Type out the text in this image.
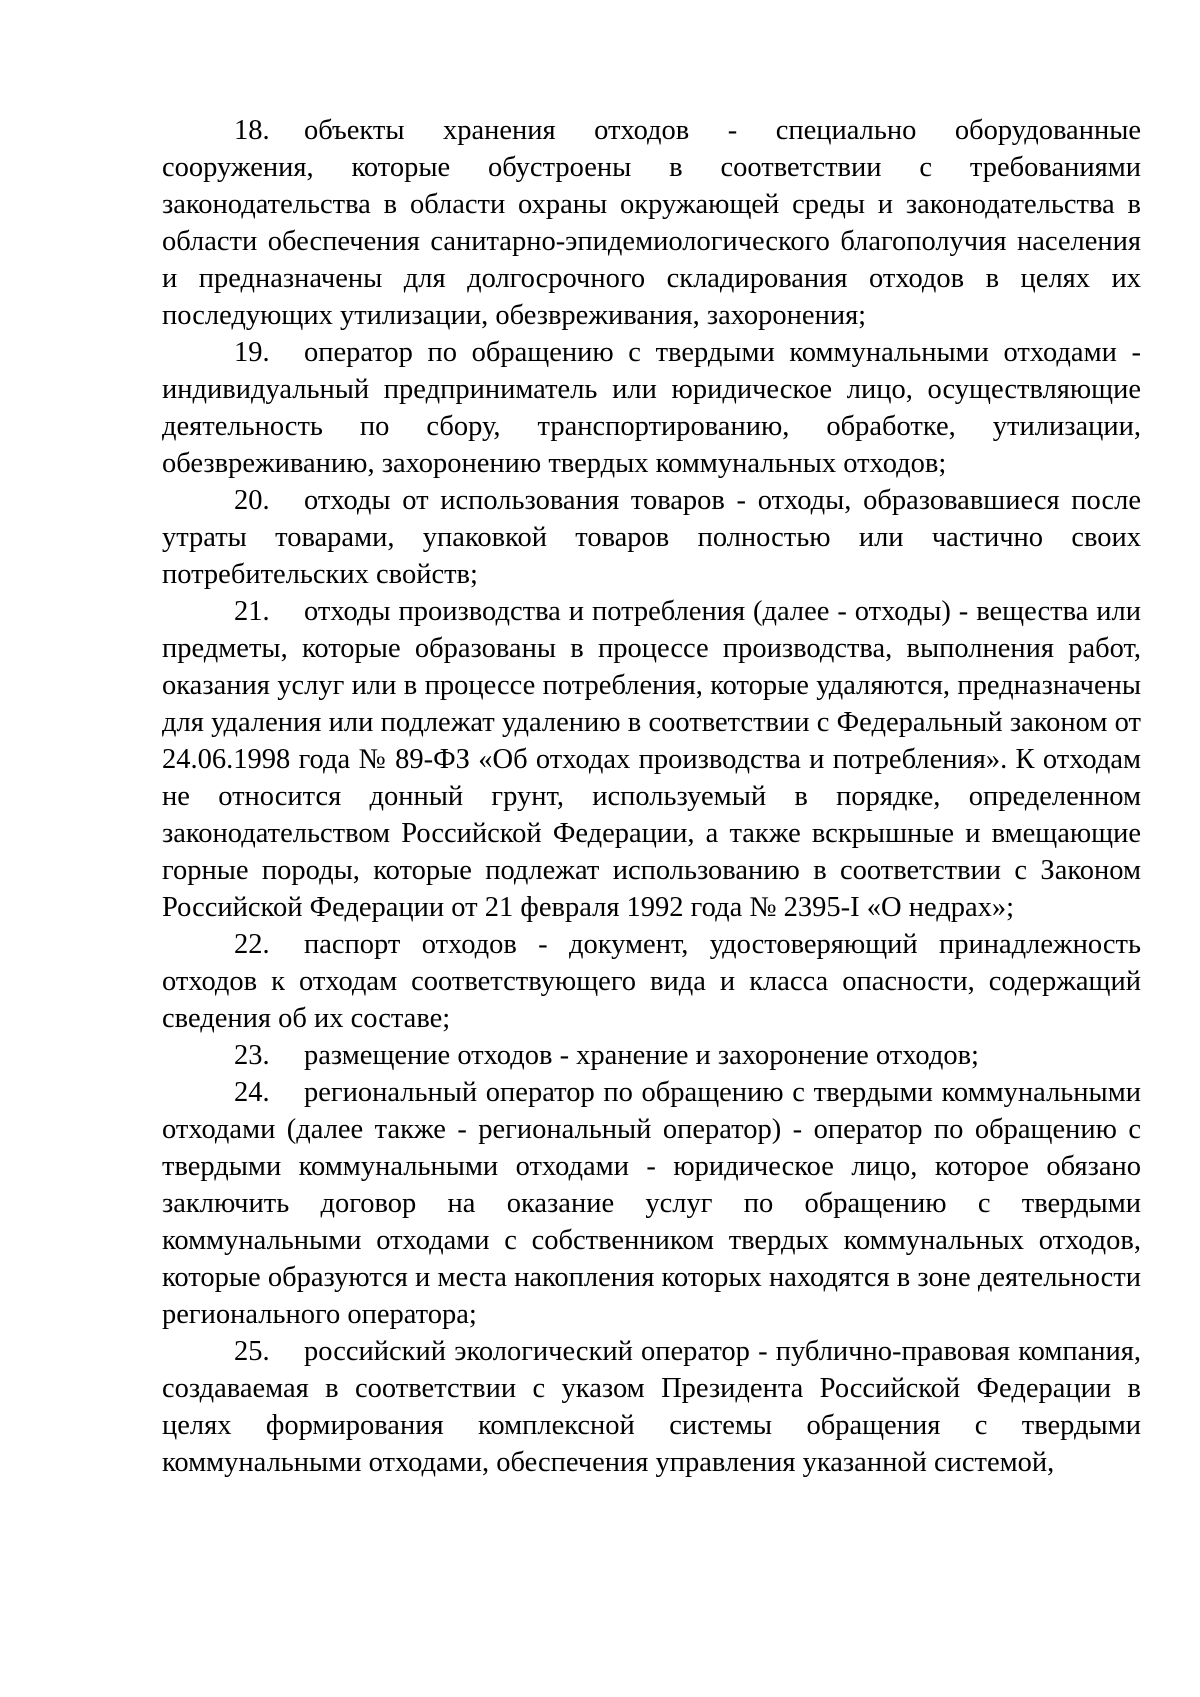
18. объекты хранения отходов - специально оборудованные сооружения, которые обустроены в соответствии с требованиями законодательства в области охраны окружающей среды и законодательства в области обеспечения санитарно-эпидемиологического благополучия населения и предназначены для долгосрочного складирования отходов в целях их последующих утилизации, обезвреживания, захоронения;

19. оператор по обращению с твердыми коммунальными отходами - индивидуальный предприниматель или юридическое лицо, осуществляющие деятельность по сбору, транспортированию, обработке, утилизации, обезвреживанию, захоронению твердых коммунальных отходов;

20. отходы от использования товаров - отходы, образовавшиеся после утраты товарами, упаковкой товаров полностью или частично своих потребительских свойств;

21. отходы производства и потребления (далее - отходы) - вещества или предметы, которые образованы в процессе производства, выполнения работ, оказания услуг или в процессе потребления, которые удаляются, предназначены для удаления или подлежат удалению в соответствии с Федеральный законом от 24.06.1998 года № 89-ФЗ «Об отходах производства и потребления». К отходам не относится донный грунт, используемый в порядке, определенном законодательством Российской Федерации, а также вскрышные и вмещающие горные породы, которые подлежат использованию в соответствии с Законом Российской Федерации от 21 февраля 1992 года № 2395-I «О недрах»;

22. паспорт отходов - документ, удостоверяющий принадлежность отходов к отходам соответствующего вида и класса опасности, содержащий сведения об их составе;

23. размещение отходов - хранение и захоронение отходов;

24. региональный оператор по обращению с твердыми коммунальными отходами (далее также - региональный оператор) - оператор по обращению с твердыми коммунальными отходами - юридическое лицо, которое обязано заключить договор на оказание услуг по обращению с твердыми коммунальными отходами с собственником твердых коммунальных отходов, которые образуются и места накопления которых находятся в зоне деятельности регионального оператора;

25. российский экологический оператор - публично-правовая компания, создаваемая в соответствии с указом Президента Российской Федерации в целях формирования комплексной системы обращения с твердыми коммунальными отходами, обеспечения управления указанной системой,
